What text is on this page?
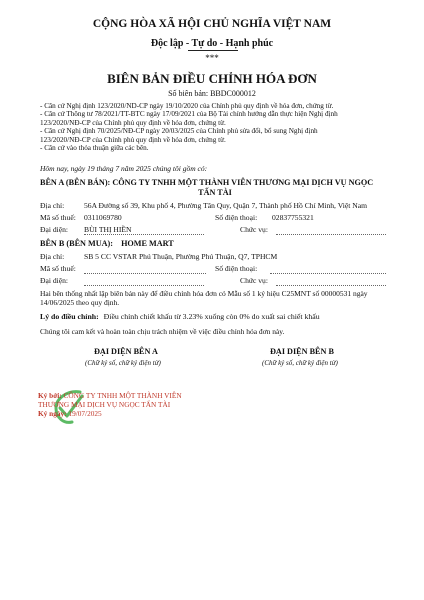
CỘNG HÒA XÃ HỘI CHỦ NGHĨA VIỆT NAM
Độc lập - Tự do - Hạnh phúc
***
BIÊN BẢN ĐIỀU CHỈNH HÓA ĐƠN
Số biên bản: BBDC000012
- Căn cứ Nghị định 123/2020/ND-CP ngày 19/10/2020 của Chính phủ quy định về hóa đơn, chứng từ.
- Căn cứ Thông tư 78/2021/TT-BTC ngày 17/09/2021 của Bộ Tài chính hướng dẫn thực hiện Nghị định
123/2020/NĐ-CP của Chính phủ quy định về hóa đơn, chứng từ.
- Căn cứ Nghị định 70/2025/NĐ-CP ngày 20/03/2025 của Chính phủ sửa đổi, bổ sung Nghị định
123/2020/NĐ-CP của Chính phủ quy định về hóa đơn, chứng từ.
- Căn cứ vào thỏa thuận giữa các bên.
Hôm nay, ngày 19 tháng 7 năm 2025 chúng tôi gồm có:
BÊN A (BÊN BÁN): CÔNG TY TNHH MỘT THÀNH VIÊN THƯƠNG MẠI DỊCH VỤ NGỌC
TẤN TÀI
Địa chỉ:	56A Đường số 39, Khu phố 4, Phường Tân Quy, Quận 7, Thành phố Hồ Chí Minh, Việt Nam
Mã số thuế: 0311069780	Số điện thoại: 02837755321
Đại diện: BÙI THỊ HIỀN	Chức vụ:
BÊN B (BÊN MUA): HOME MART
Địa chỉ:	SB 5 CC VSTAR Phú Thuận, Phường Phú Thuận, Q7, TPHCM
Mã số thuế:	Số điện thoại:
Đại diện:	Chức vụ:
Hai bên thống nhất lập biên bản này để điều chỉnh hóa đơn có Mẫu số 1 ký hiệu C25MNT số 00000531 ngày
14/06/2025 theo quy định.
Lý do điều chỉnh: Điều chỉnh chiết khấu từ 3.23% xuống còn 0% do xuất sai chiết khấu
Chúng tôi cam kết và hoàn toàn chịu trách nhiệm về việc điều chỉnh hóa đơn này.
ĐẠI DIỆN BÊN A
(Chữ ký số, chữ ký điện tử)
ĐẠI DIỆN BÊN B
(Chữ ký số, chữ ký điện tử)
Ký bởi: CÔNG TY TNHH MỘT THÀNH VIÊN
THƯƠNG MẠI DỊCH VỤ NGỌC TẤN TÀI
Ký ngày: 19/07/2025
